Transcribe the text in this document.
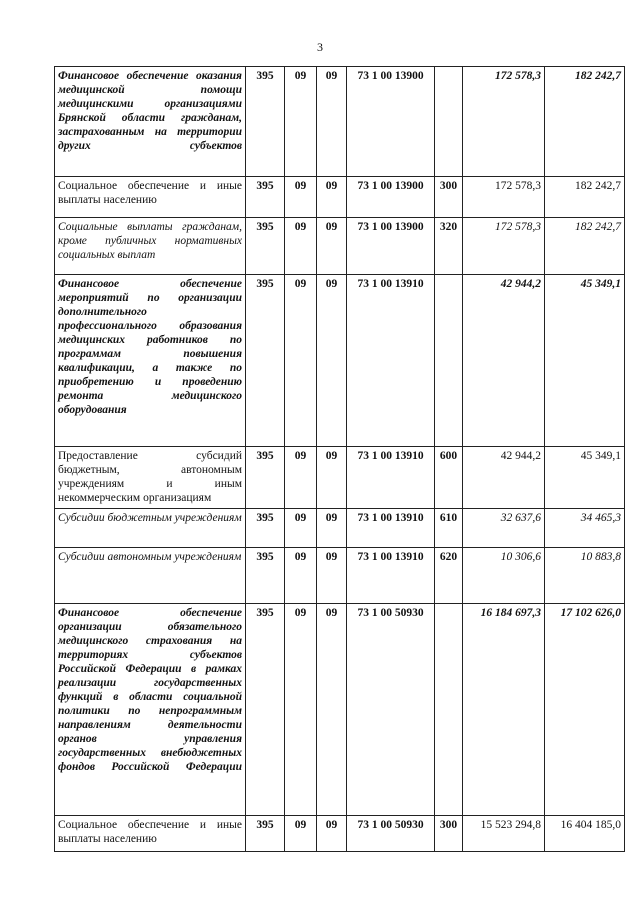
3
Финансовое обеспечение оказания медицинской помощи медицинскими организациями Брянской области гражданам, застрахованным на территории других субъектов	395	09	09	73 1 00 13900		172 578,3	182 242,7
Социальное обеспечение и иные выплаты населению	395	09	09	73 1 00 13900	300	172 578,3	182 242,7
Социальные выплаты гражданам, кроме публичных нормативных социальных выплат	395	09	09	73 1 00 13900	320	172 578,3	182 242,7
Финансовое обеспечение мероприятий по организации дополнительного профессионального образования медицинских работников по программам повышения квалификации, а также по приобретению и проведению ремонта медицинского оборудования	395	09	09	73 1 00 13910		42 944,2	45 349,1
Предоставление субсидий бюджетным, автономным учреждениям и иным некоммерческим организациям	395	09	09	73 1 00 13910	600	42 944,2	45 349,1
Субсидии бюджетным учреждениям	395	09	09	73 1 00 13910	610	32 637,6	34 465,3
Субсидии автономным учреждениям	395	09	09	73 1 00 13910	620	10 306,6	10 883,8
Финансовое обеспечение организации обязательного медицинского страхования на территориях субъектов Российской Федерации в рамках реализации государственных функций в области социальной политики по непрограммным направлениям деятельности органов управления государственных внебюджетных фондов Российской Федерации	395	09	09	73 1 00 50930		16 184 697,3	17 102 626,0
Социальное обеспечение и иные выплаты населению	395	09	09	73 1 00 50930	300	15 523 294,8	16 404 185,0
